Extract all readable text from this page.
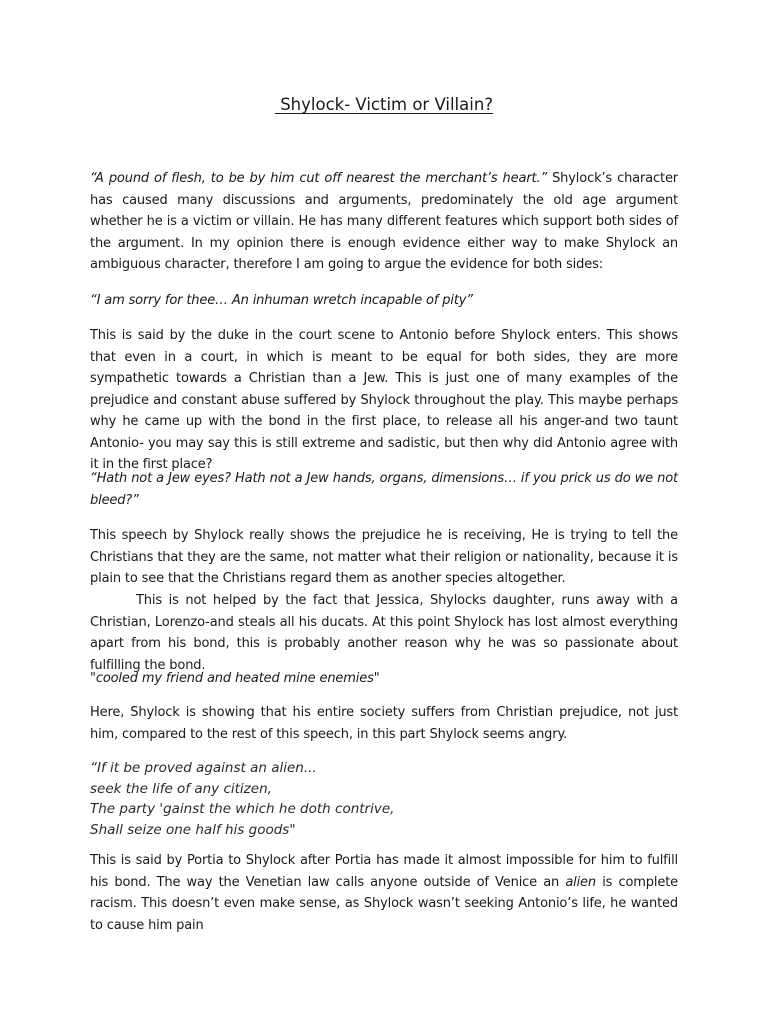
Shylock- Victim or Villain?

“A pound of flesh, to be by him cut off nearest the merchant’s heart.” Shylock’s character has caused many discussions and arguments, predominately the old age argument whether he is a victim or villain. He has many different features which support both sides of the argument. In my opinion there is enough evidence either way to make Shylock an ambiguous character, therefore I am going to argue the evidence for both sides:

“I am sorry for thee… An inhuman wretch incapable of pity”

This is said by the duke in the court scene to Antonio before Shylock enters. This shows that even in a court, in which is meant to be equal for both sides, they are more sympathetic towards a Christian than a Jew. This is just one of many examples of the prejudice and constant abuse suffered by Shylock throughout the play. This maybe perhaps why he came up with the bond in the first place, to release all his anger-and two taunt Antonio- you may say this is still extreme and sadistic, but then why did Antonio agree with it in the first place?

“Hath not a Jew eyes? Hath not a Jew hands, organs, dimensions… if you prick us do we not bleed?”

This speech by Shylock really shows the prejudice he is receiving, He is trying to tell the Christians that they are the same, not matter what their religion or nationality, because it is plain to see that the Christians regard them as another species altogether.

This is not helped by the fact that Jessica, Shylocks daughter, runs away with a Christian, Lorenzo-and steals all his ducats. At this point Shylock has lost almost everything apart from his bond, this is probably another reason why he was so passionate about fulfilling the bond.

"cooled my friend and heated mine enemies"

Here, Shylock is showing that his entire society suffers from Christian prejudice, not just him, compared to the rest of this speech, in this part Shylock seems angry.

“If it be proved against an alien...
seek the life of any citizen,
The party 'gainst the which he doth contrive,
Shall seize one half his goods"

This is said by Portia to Shylock after Portia has made it almost impossible for him to fulfill his bond. The way the Venetian law calls anyone outside of Venice an alien is complete racism. This doesn’t even make sense, as Shylock wasn’t seeking Antonio’s life, he wanted to cause him pain
